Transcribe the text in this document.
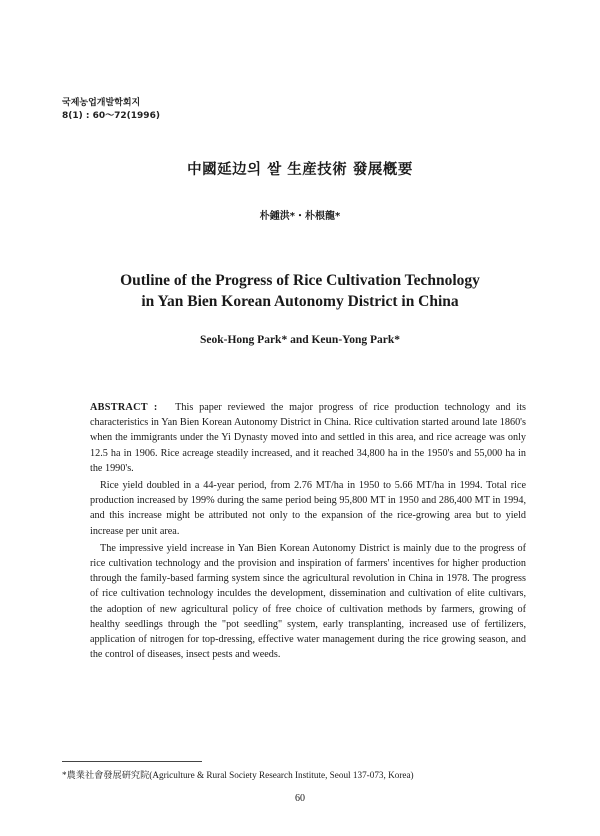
국제농업개발학회지
8(1) : 60～72(1996)
中國延边의 쌀 生産技術 發展槪要
朴鍾洪*・朴根龍*
Outline of the Progress of Rice Cultivation Technology
in Yan Bien Korean Autonomy District in China
Seok-Hong Park* and Keun-Yong Park*

ABSTRACT : This paper reviewed the major progress of rice production technology and its characteristics in Yan Bien Korean Autonomy District in China. Rice cultivation started around late 1860's when the immigrants under the Yi Dynasty moved into and settled in this area, and rice acreage was only 12.5 ha in 1906. Rice acreage steadily increased, and it reached 34,800 ha in the 1950's and 55,000 ha in the 1990's.

Rice yield doubled in a 44-year period, from 2.76 MT/ha in 1950 to 5.66 MT/ha in 1994. Total rice production increased by 199% during the same period being 95,800 MT in 1950 and 286,400 MT in 1994, and this increase might be attributed not only to the expansion of the rice-growing area but to yield increase per unit area.

The impressive yield increase in Yan Bien Korean Autonomy District is mainly due to the progress of rice cultivation technology and the provision and inspiration of farmers' incentives for higher production through the family-based farming system since the agricultural revolution in China in 1978. The progress of rice cultivation technology inculdes the development, dissemination and cultivation of elite cultivars, the adoption of new agricultural policy of free choice of cultivation methods by farmers, growing of healthy seedlings through the "pot seedling" system, early transplanting, increased use of fertilizers, application of nitrogen for top-dressing, effective water management during the rice growing season, and the control of diseases, insect pests and weeds.

*農業社會發展硏究院(Agriculture & Rural Society Research Institute, Seoul 137-073, Korea)
60
